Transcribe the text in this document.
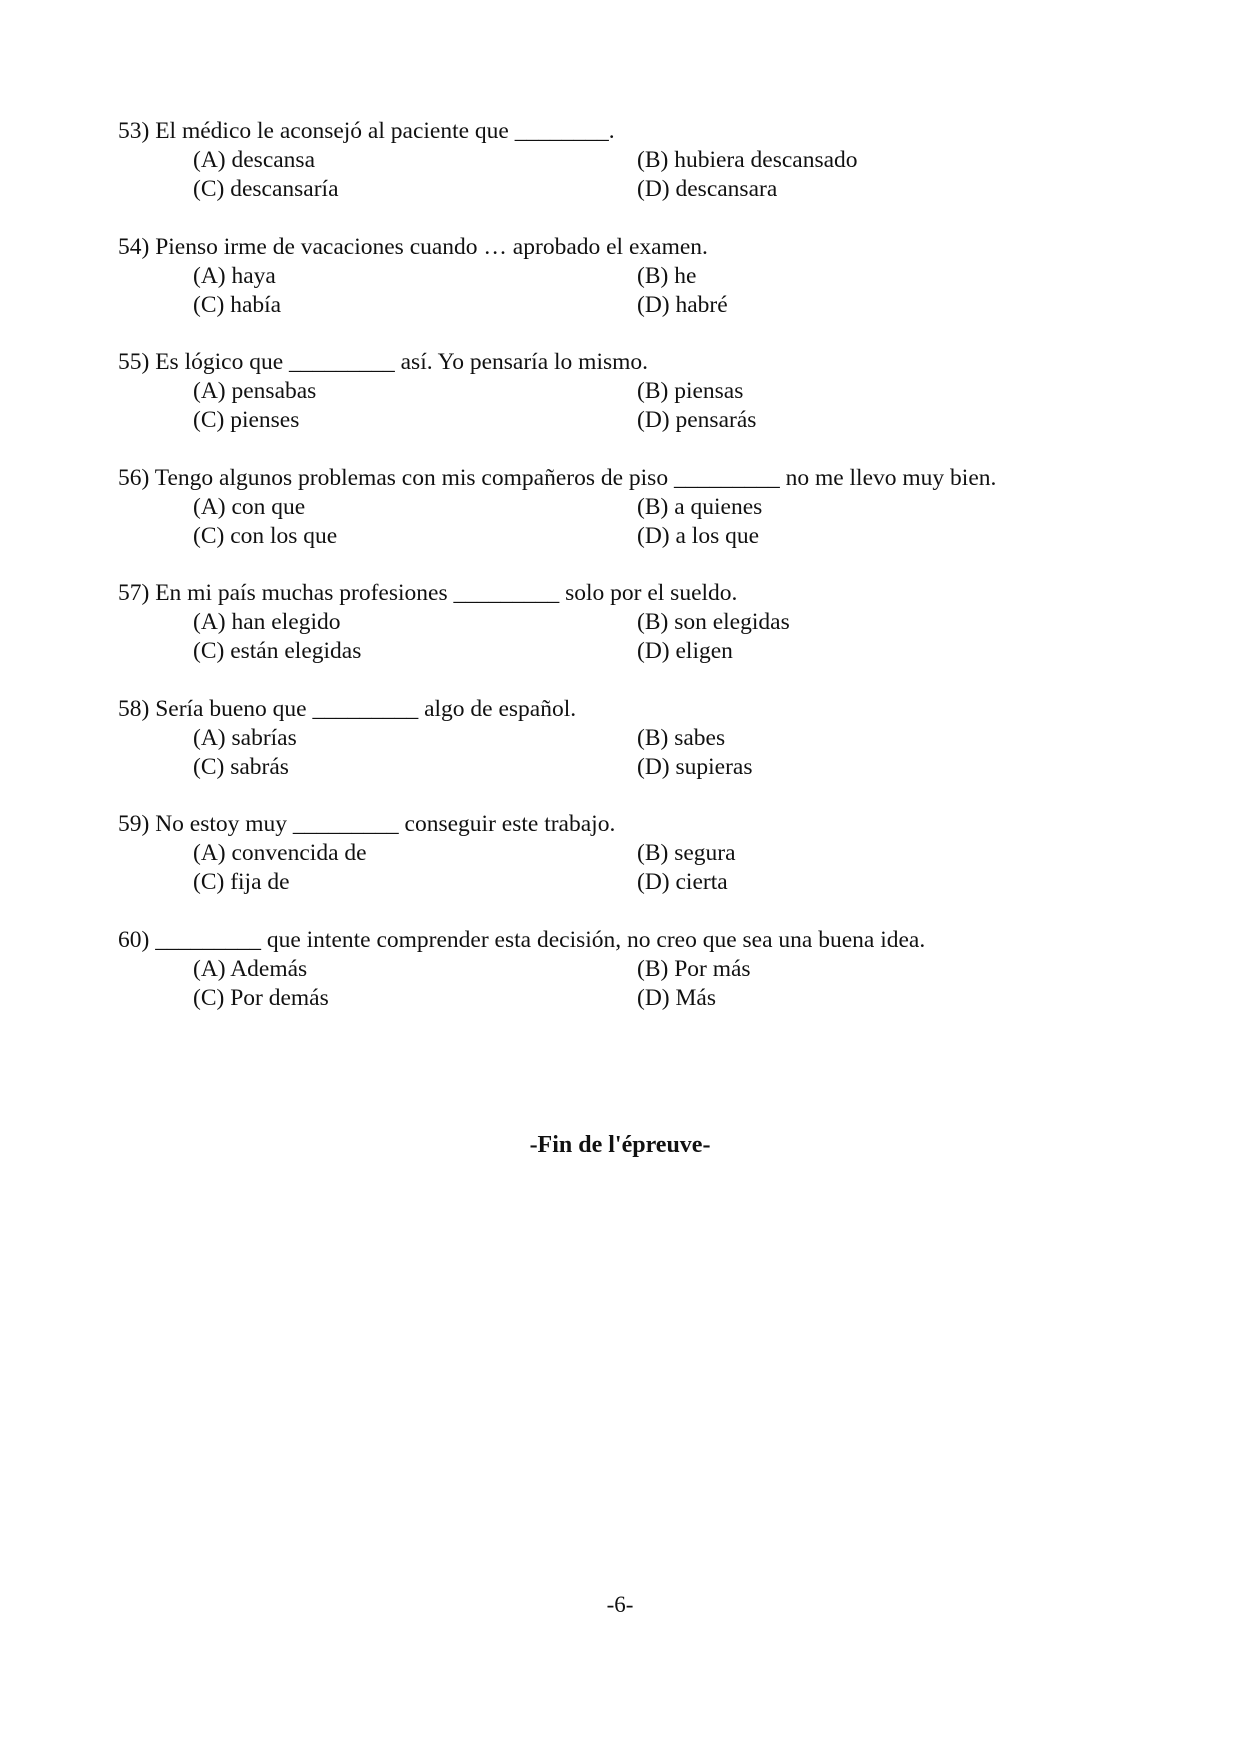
53) El médico le aconsejó al paciente que ________.
(A) descansa	(B) hubiera descansado
(C) descansaría	(D) descansara
54) Pienso irme de vacaciones cuando … aprobado el examen.
(A) haya	(B) he
(C) había	(D) habré
55) Es lógico que _________ así. Yo pensaría lo mismo.
(A) pensabas	(B) piensas
(C) pienses	(D) pensarás
56) Tengo algunos problemas con mis compañeros de piso _________ no me llevo muy bien.
(A) con que	(B) a quienes
(C) con los que	(D) a los que
57) En mi país muchas profesiones _________ solo por el sueldo.
(A) han elegido	(B) son elegidas
(C) están elegidas	(D) eligen
58) Sería bueno que _________ algo de español.
(A) sabrías	(B) sabes
(C) sabrás	(D) supieras
59) No estoy muy _________ conseguir este trabajo.
(A) convencida de	(B) segura
(C) fija de	(D) cierta
60) _________ que intente comprender esta decisión, no creo que sea una buena idea.
(A) Además	(B) Por más
(C) Por demás	(D) Más
-Fin de l'épreuve-
-6-
